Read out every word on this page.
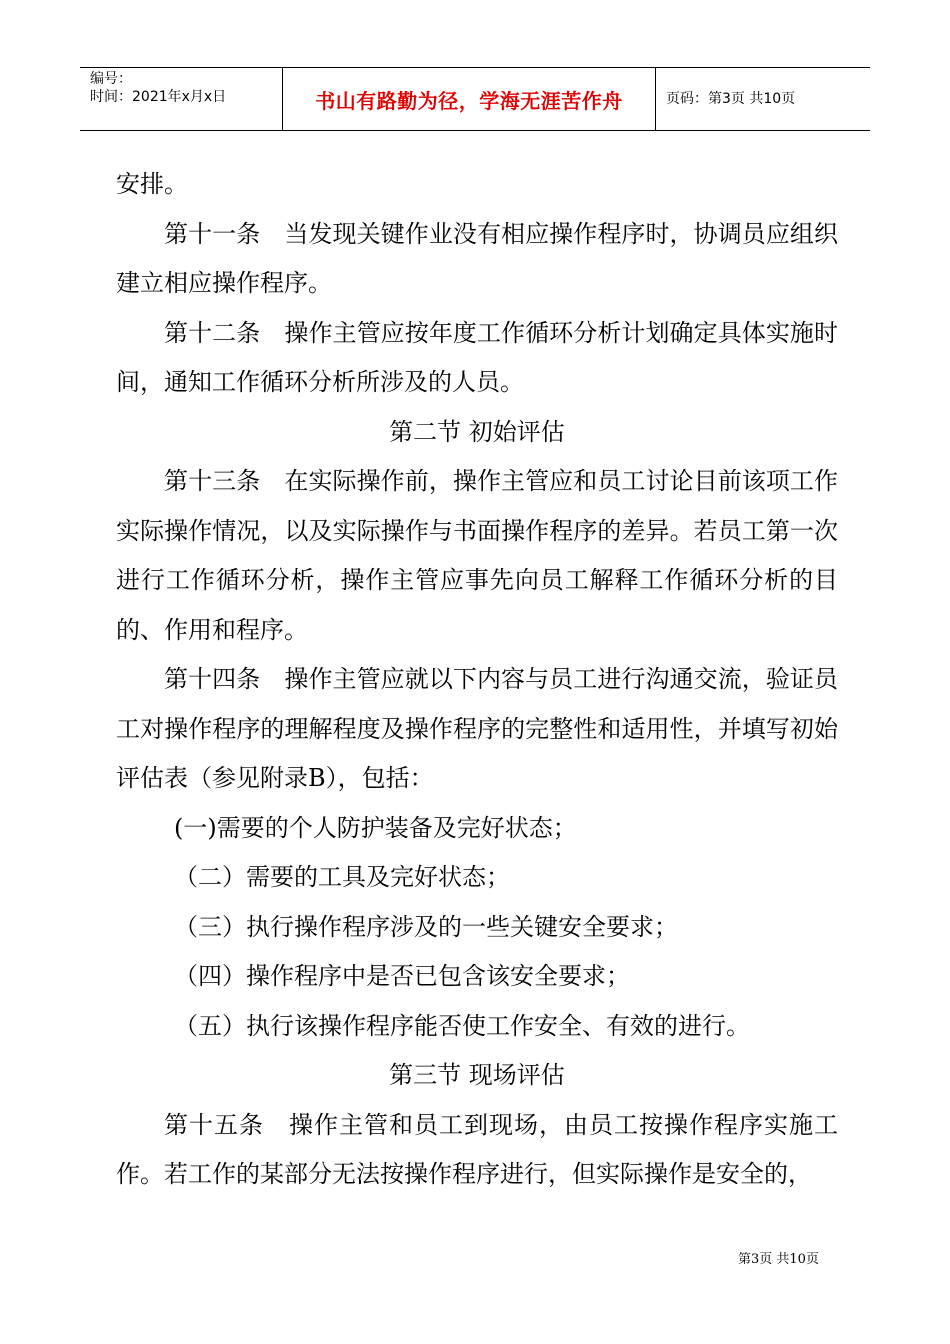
编号：
时间：2021年x月x日	书山有路勤为径，学海无涯苦作舟	页码：第3页 共10页

安排。

第十一条　当发现关键作业没有相应操作程序时，协调员应组织建立相应操作程序。

第十二条　操作主管应按年度工作循环分析计划确定具体实施时间，通知工作循环分析所涉及的人员。

第二节 初始评估

第十三条　在实际操作前，操作主管应和员工讨论目前该项工作实际操作情况，以及实际操作与书面操作程序的差异。若员工第一次进行工作循环分析，操作主管应事先向员工解释工作循环分析的目的、作用和程序。

第十四条　操作主管应就以下内容与员工进行沟通交流，验证员工对操作程序的理解程度及操作程序的完整性和适用性，并填写初始评估表（参见附录B），包括：

(一)需要的个人防护装备及完好状态；

（二）需要的工具及完好状态；

（三）执行操作程序涉及的一些关键安全要求；

（四）操作程序中是否已包含该安全要求；

（五）执行该操作程序能否使工作安全、有效的进行。

第三节 现场评估

第十五条　操作主管和员工到现场，由员工按操作程序实施工作。若工作的某部分无法按操作程序进行，但实际操作是安全的，

第3页 共10页
